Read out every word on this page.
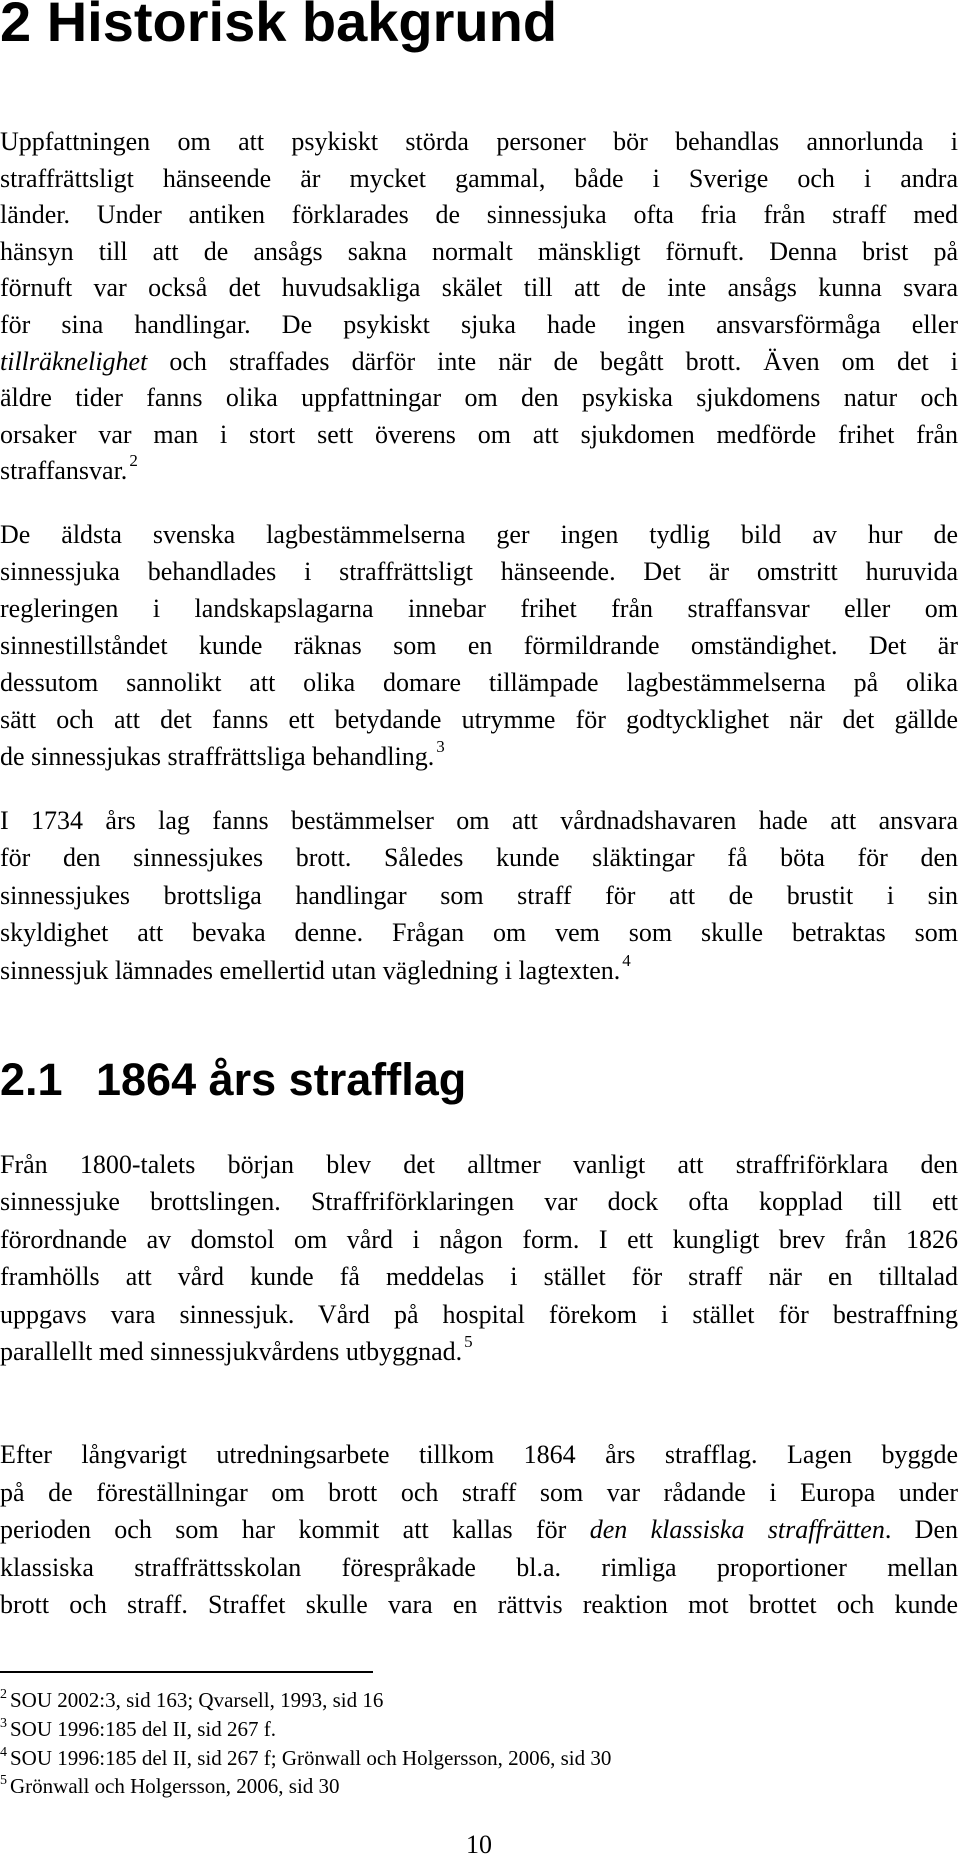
2 Historisk bakgrund

Uppfattningen om att psykiskt störda personer bör behandlas annorlunda i
straffrättsligt hänseende är mycket gammal, både i Sverige och i andra
länder. Under antiken förklarades de sinnessjuka ofta fria från straff med
hänsyn till att de ansågs sakna normalt mänskligt förnuft. Denna brist på
förnuft var också det huvudsakliga skälet till att de inte ansågs kunna svara
för sina handlingar. De psykiskt sjuka hade ingen ansvarsförmåga eller
tillräknelighet och straffades därför inte när de begått brott. Även om det i
äldre tider fanns olika uppfattningar om den psykiska sjukdomens natur och
orsaker var man i stort sett överens om att sjukdomen medförde frihet från
straffansvar. $^2$

De äldsta svenska lagbestämmelserna ger ingen tydlig bild av hur de
sinnessjuka behandlades i straffrättsligt hänseende. Det är omstritt huruvida
regleringen i landskapslagarna innebar frihet från straffansvar eller om
sinnestillståndet kunde räknas som en förmildrande omständighet. Det är
dessutom sannolikt att olika domare tillämpade lagbestämmelserna på olika
sätt och att det fanns ett betydande utrymme för godtycklighet när det gällde
de sinnessjukas straffrättsliga behandling. $^3$

I 1734 års lag fanns bestämmelser om att vårdnadshavaren hade att ansvara
för den sinnessjukes brott. Således kunde släktingar få böta för den
sinnessjukes brottsliga handlingar som straff för att de brustit i sin
skyldighet att bevaka denne. Frågan om vem som skulle betraktas som
sinnessjuk lämnades emellertid utan vägledning i lagtexten. $^4$

2.1 1864 års strafflag

Från 1800-talets början blev det alltmer vanligt att straffriförklara den
sinnessjuke brottslingen. Straffriförklaringen var dock ofta kopplad till ett
förordnande av domstol om vård i någon form. I ett kungligt brev från 1826
framhölls att vård kunde få meddelas i stället för straff när en tilltalad
uppgavs vara sinnessjuk. Vård på hospital förekom i stället för bestraffning
parallellt med sinnessjukvårdens utbyggnad. $^5$

Efter långvarigt utredningsarbete tillkom 1864 års strafflag. Lagen byggde
på de föreställningar om brott och straff som var rådande i Europa under
perioden och som har kommit att kallas för den klassiska straffrätten. Den
klassiska straffrättsskolan förespråkade bl.a. rimliga proportioner mellan
brott och straff. Straffet skulle vara en rättvis reaktion mot brottet och kunde

$^2$ SOU 2002:3, sid 163; Qvarsell, 1993, sid 16
$^3$ SOU 1996:185 del II, sid 267 f.
$^4$ SOU 1996:185 del II, sid 267 f; Grönwall och Holgersson, 2006, sid 30
$^5$ Grönwall och Holgersson, 2006, sid 30
10
